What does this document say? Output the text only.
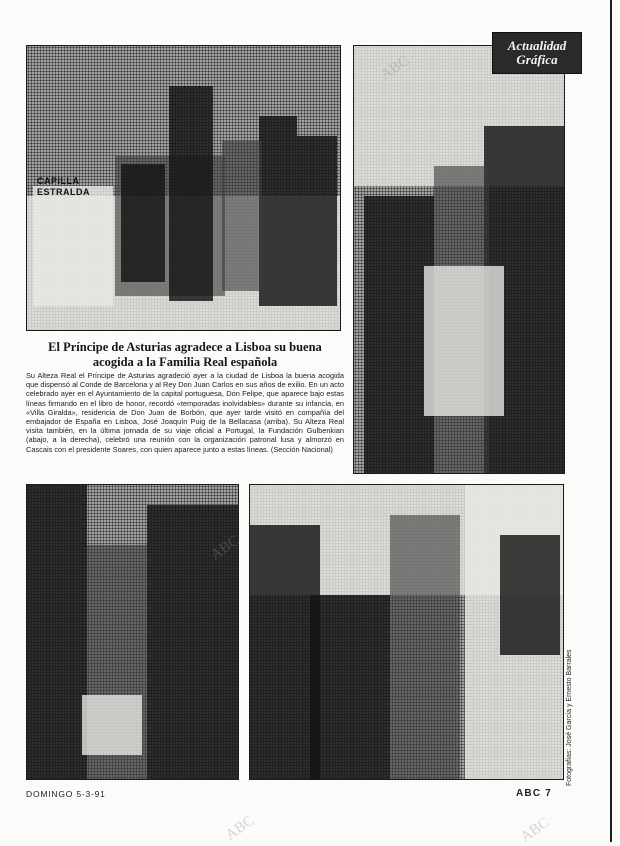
CAPILLA
ESTRALDA
Actualidad
Gráfica
El Príncipe de Asturias agradece a Lisboa su buena acogida a la Familia Real española

Su Alteza Real el Príncipe de Asturias agradeció ayer a la ciudad de Lisboa la buena acogida que dispensó al Conde de Barcelona y al Rey Don Juan Carlos en sus años de exilio. En un acto celebrado ayer en el Ayuntamiento de la capital portuguesa, Don Felipe, que aparece bajo estas líneas firmando en el libro de honor, recordó «temporadas inolvidables» durante su infancia, en «Villa Giralda», residencia de Don Juan de Borbón, que ayer tarde visitó en compañía del embajador de España en Lisboa, José Joaquín Puig de la Bellacasa (arriba). Su Alteza Real visita también, en la última jornada de su viaje oficial a Portugal, la Fundación Gulbenkian (abajo, a la derecha), celebró una reunión con la organización patronal lusa y almorzó en Cascais con el presidente Soares, con quien aparece junto a estas líneas. (Sección Nacional)

Fotografías: José García y Ernesto Barrales
DOMINGO 5-3-91	ABC 7
ABC
ABC
ABC	ABC
